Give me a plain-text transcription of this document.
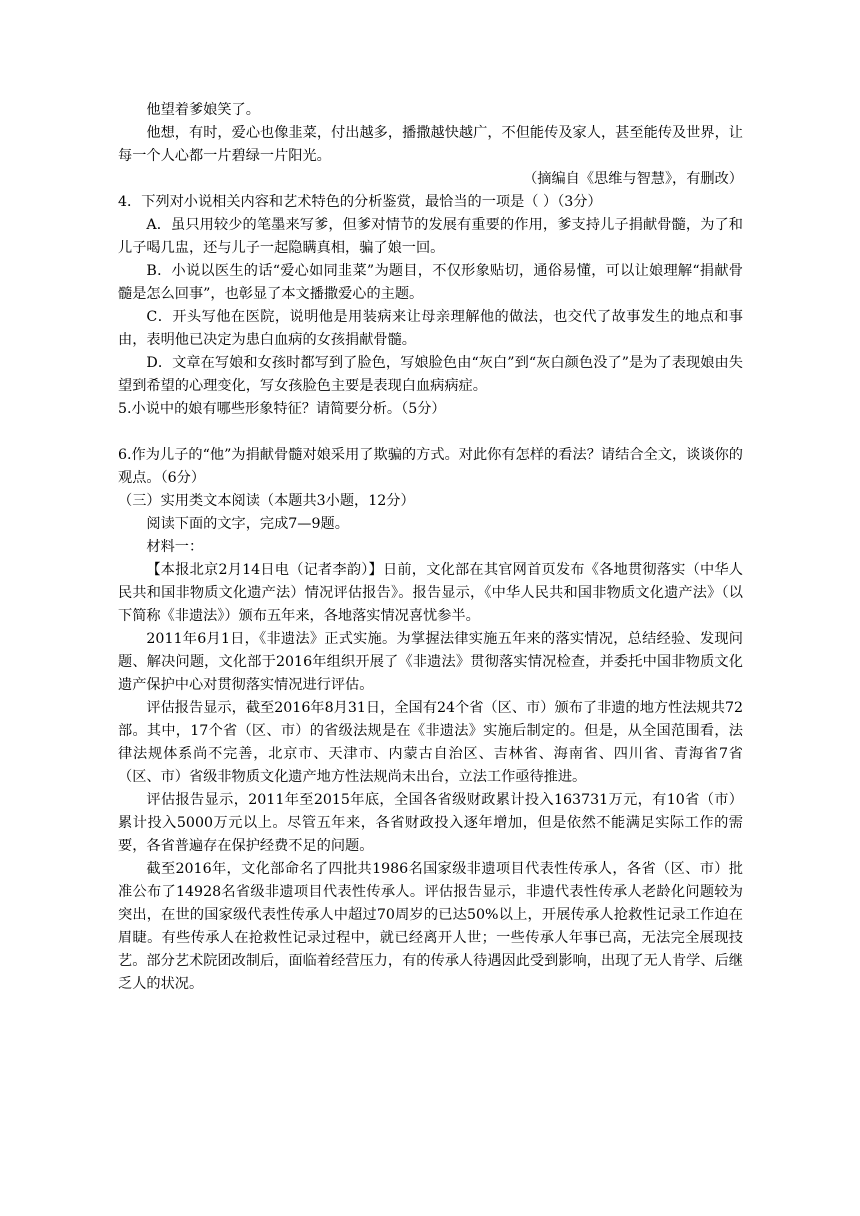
他望着爹娘笑了。

他想，有时，爱心也像韭菜，付出越多，播撒越快越广，不但能传及家人，甚至能传及世界，让每一个人心都一片碧绿一片阳光。

（摘编自《思维与智慧》，有删改）

4．下列对小说相关内容和艺术特色的分析鉴赏，最恰当的一项是（ ）（3分）

A．虽只用较少的笔墨来写爹，但爹对情节的发展有重要的作用，爹支持儿子捐献骨髓，为了和儿子喝几盅，还与儿子一起隐瞒真相，骗了娘一回。

B．小说以医生的话“爱心如同韭菜”为题目，不仅形象贴切，通俗易懂，可以让娘理解“捐献骨髓是怎么回事”，也彰显了本文播撒爱心的主题。

C．开头写他在医院，说明他是用装病来让母亲理解他的做法，也交代了故事发生的地点和事由，表明他已决定为患白血病的女孩捐献骨髓。

D．文章在写娘和女孩时都写到了脸色，写娘脸色由“灰白”到“灰白颜色没了”是为了表现娘由失望到希望的心理变化，写女孩脸色主要是表现白血病病症。

5.小说中的娘有哪些形象特征？请简要分析。（5分）

6.作为儿子的“他”为捐献骨髓对娘采用了欺骗的方式。对此你有怎样的看法？请结合全文，谈谈你的观点。（6分）

（三）实用类文本阅读（本题共3小题，12分）

阅读下面的文字，完成7—9题。

材料一：

【本报北京2月14日电（记者李韵）】日前，文化部在其官网首页发布《各地贯彻落实（中华人民共和国非物质文化遗产法）情况评估报告》。报告显示，《中华人民共和国非物质文化遗产法》（以下简称《非遗法》）颁布五年来，各地落实情况喜忧参半。

2011年6月1日，《非遗法》正式实施。为掌握法律实施五年来的落实情况，总结经验、发现问题、解决问题，文化部于2016年组织开展了《非遗法》贯彻落实情况检查，并委托中国非物质文化遗产保护中心对贯彻落实情况进行评估。

评估报告显示，截至2016年8月31日，全国有24个省（区、市）颁布了非遗的地方性法规共72部。其中，17个省（区、市）的省级法规是在《非遗法》实施后制定的。但是，从全国范围看，法律法规体系尚不完善，北京市、天津市、内蒙古自治区、吉林省、海南省、四川省、青海省7省（区、市）省级非物质文化遗产地方性法规尚未出台，立法工作亟待推进。

评估报告显示，2011年至2015年底，全国各省级财政累计投入163731万元，有10省（市）累计投入5000万元以上。尽管五年来，各省财政投入逐年增加，但是依然不能满足实际工作的需要，各省普遍存在保护经费不足的问题。

截至2016年，文化部命名了四批共1986名国家级非遗项目代表性传承人，各省（区、市）批准公布了14928名省级非遗项目代表性传承人。评估报告显示，非遗代表性传承人老龄化问题较为突出，在世的国家级代表性传承人中超过70周岁的已达50%以上，开展传承人抢救性记录工作迫在眉睫。有些传承人在抢救性记录过程中，就已经离开人世；一些传承人年事已高，无法完全展现技艺。部分艺术院团改制后，面临着经营压力，有的传承人待遇因此受到影响，出现了无人肯学、后继乏人的状况。
